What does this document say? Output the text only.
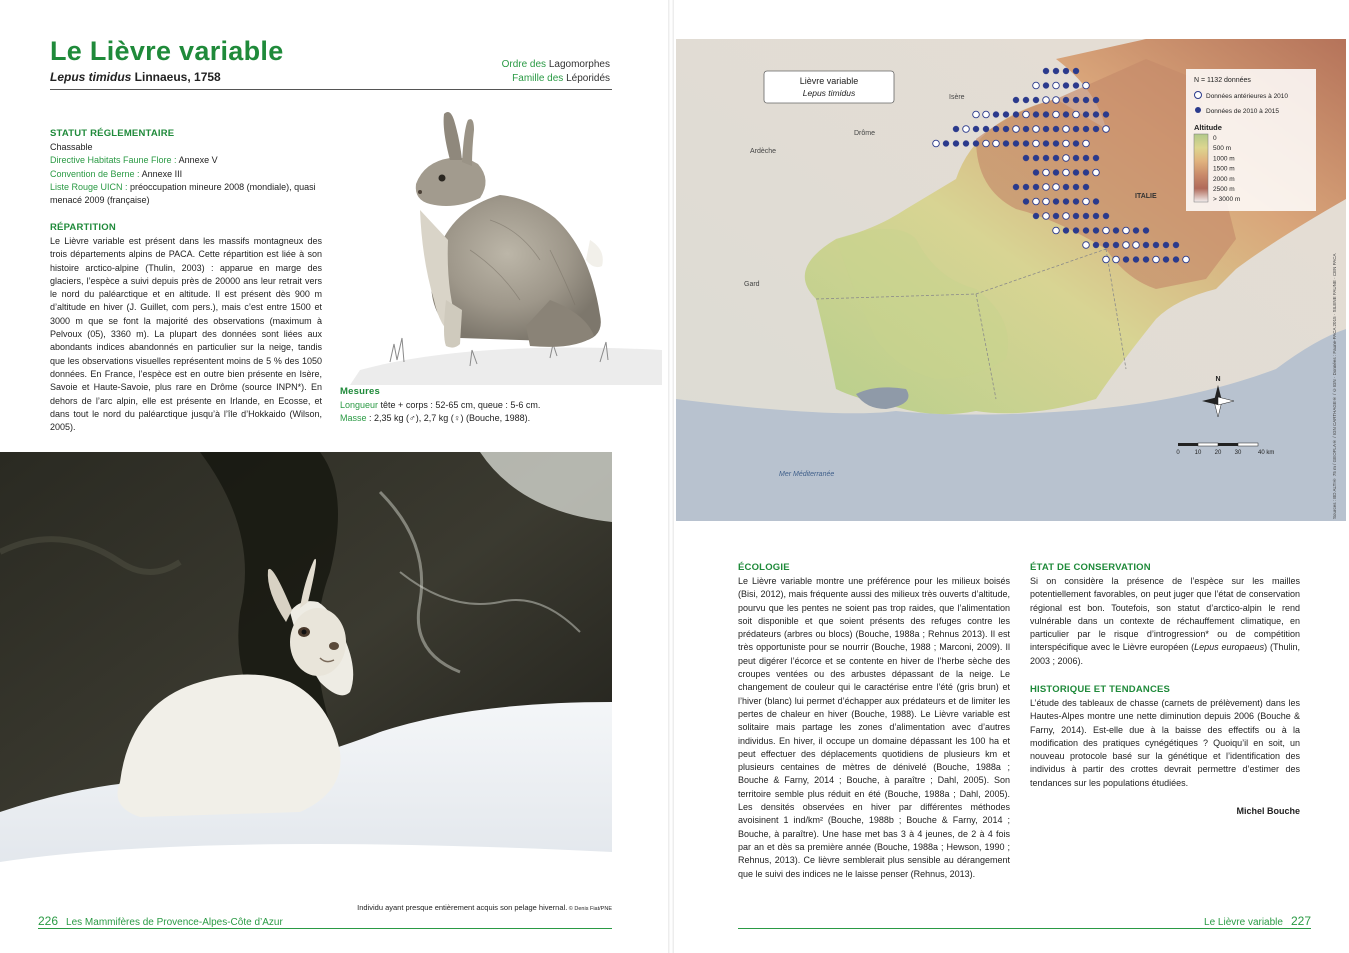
Le Lièvre variable
Lepus timidus Linnaeus, 1758
Ordre des Lagomorphes
Famille des Léporidés
STATUT RÉGLEMENTAIRE
Chassable
Directive Habitats Faune Flore : Annexe V
Convention de Berne : Annexe III
Liste Rouge UICN : préoccupation mineure 2008 (mondiale), quasi menacé 2009 (française)
RÉPARTITION
Le Lièvre variable est présent dans les massifs montagneux des trois départements alpins de PACA. Cette répartition est liée à son histoire arctico-alpine (Thulin, 2003) : apparue en marge des glaciers, l’espèce a suivi depuis près de 20000 ans leur retrait vers le nord du paléarctique et en altitude. Il est présent dès 900 m d’altitude en hiver (J. Guillet, com pers.), mais c’est entre 1500 et 3000 m que se font la majorité des observations (maximum à Pelvoux (05), 3360 m). La plupart des données sont liées aux abondants indices abandonnés en particulier sur la neige, tandis que les observations visuelles représentent moins de 5 % des 1050 données. En France, l’espèce est en outre bien présente en Isère, Savoie et Haute-Savoie, plus rare en Drôme (source INPN*). En dehors de l’arc alpin, elle est présente en Irlande, en Ecosse, et dans tout le nord du paléarctique jusqu’à l’île d’Hokkaido (Wilson, 2005).
Mesures
Longueur tête + corps : 52-65 cm, queue : 5-6 cm.
Masse : 2,35 kg (♂), 2,7 kg (♀) (Bouche, 1988).
Individu ayant presque entièrement acquis son pelage hivernal. © Denis Fiat/PNE
226 Les Mammifères de Provence-Alpes-Côte d’Azur
Isère
Drôme
Ardèche
Gard
ITALIE
Mer Méditerranée
Lièvre variable
Lepus timidus
N = 1132 données
Données antérieures à 2010
Données de 2010 à 2015
Altitude
0
500 m
1000 m
1500 m
2000 m
2500 m
> 3000 m
N
0 10 20 30	40 km	Sources : BD ALTI® 75 m / GEOFLA® / IGN CARTHAGE® / ©IGN · Données : Faune-PACA 2015 · SILENE FAUNE · CEN PACA
ÉCOLOGIE
Le Lièvre variable montre une préférence pour les milieux boisés (Bisi, 2012), mais fréquente aussi des milieux très ouverts d’altitude, pourvu que les pentes ne soient pas trop raides, que l’alimentation soit disponible et que soient présents des refuges contre les prédateurs (arbres ou blocs) (Bouche, 1988a ; Rehnus 2013). Il est très opportuniste pour se nourrir (Bouche, 1988 ; Marconi, 2009). Il peut digérer l’écorce et se contente en hiver de l’herbe sèche des croupes ventées ou des arbustes dépassant de la neige. Le changement de couleur qui le caractérise entre l’été (gris brun) et l’hiver (blanc) lui permet d’échapper aux prédateurs et de limiter les pertes de chaleur en hiver (Bouche, 1988). Le Lièvre variable est solitaire mais partage les zones d’alimentation avec d’autres individus. En hiver, il occupe un domaine dépassant les 100 ha et peut effectuer des déplacements quotidiens de plusieurs km et plusieurs centaines de mètres de dénivelé (Bouche, 1988a ; Bouche & Farny, 2014 ; Bouche, à paraître ; Dahl, 2005). Son territoire semble plus réduit en été (Bouche, 1988a ; Dahl, 2005). Les densités observées en hiver par différentes méthodes avoisinent 1 ind/km² (Bouche, 1988b ; Bouche & Farny, 2014 ; Bouche, à paraître). Une hase met bas 3 à 4 jeunes, de 2 à 4 fois par an et dès sa première année (Bouche, 1988a ; Hewson, 1990 ; Rehnus, 2013). Ce lièvre semblerait plus sensible au dérangement que le suivi des indices ne le laisse penser (Rehnus, 2013).
ÉTAT DE CONSERVATION
Si on considère la présence de l’espèce sur les mailles potentiellement favorables, on peut juger que l’état de conservation régional est bon. Toutefois, son statut d’arctico-alpin le rend vulnérable dans un contexte de réchauffement climatique, en particulier par le risque d’introgression* ou de compétition interspécifique avec le Lièvre européen (Lepus europaeus) (Thulin, 2003 ; 2006).
HISTORIQUE ET TENDANCES
L’étude des tableaux de chasse (carnets de prélèvement) dans les Hautes-Alpes montre une nette diminution depuis 2006 (Bouche & Farny, 2014). Est-elle due à la baisse des effectifs ou à la modification des pratiques cynégétiques ? Quoiqu’il en soit, un nouveau protocole basé sur la génétique et l’identification des individus à partir des crottes devrait permettre d’estimer des tendances sur les populations étudiées.
Michel Bouche
Le Lièvre variable 227
